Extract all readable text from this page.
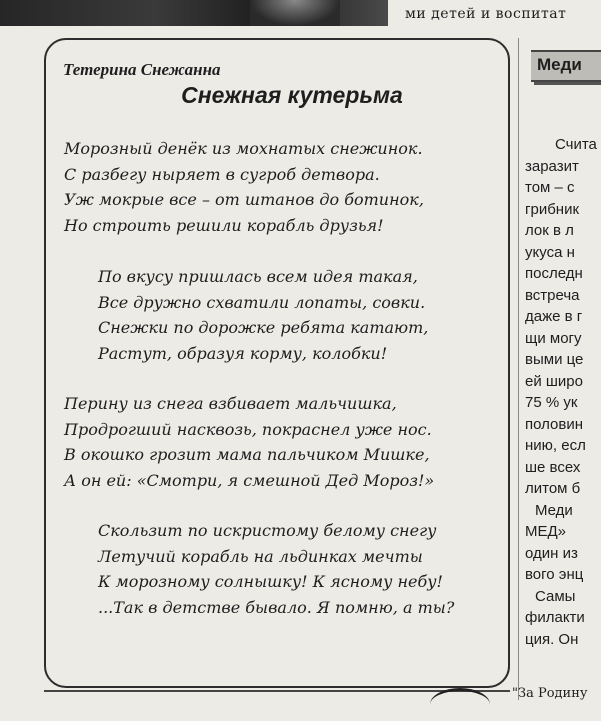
ми детей и воспитат
Тетерина Снежанна
Снежная кутерьма
Морозный денёк из мохнатых снежинок.
С разбегу ныряет в сугроб детвора.
Уж мокрые все – от штанов до ботинок,
Но строить решили корабль друзья!
По вкусу пришлась всем идея такая,
Все дружно схватили лопаты, совки.
Снежки по дорожке ребята катают,
Растут, образуя корму, колобки!
Перину из снега взбивает мальчишка,
Продрогший насквозь, покраснел уже нос.
В окошко грозит мама пальчиком Мишке,
А он ей: «Смотри, я смешной Дед Мороз!»
Скользит по искристому белому снегу
Летучий корабль на льдинках мечты
К морозному солнышку! К ясному небу!
...Так в детстве бывало. Я помню, а ты?
Меди
Счита
заразит
том – с
грибник
лок в л
укуса н
последн
встреча
даже в г
щи могу
выми це
ей широ
75 % ук
половин
нию, есл
ше всех
литом б
Меди
МЕД»
один из
вого энц
Самы
филакти
ция. Он
"За Родину
